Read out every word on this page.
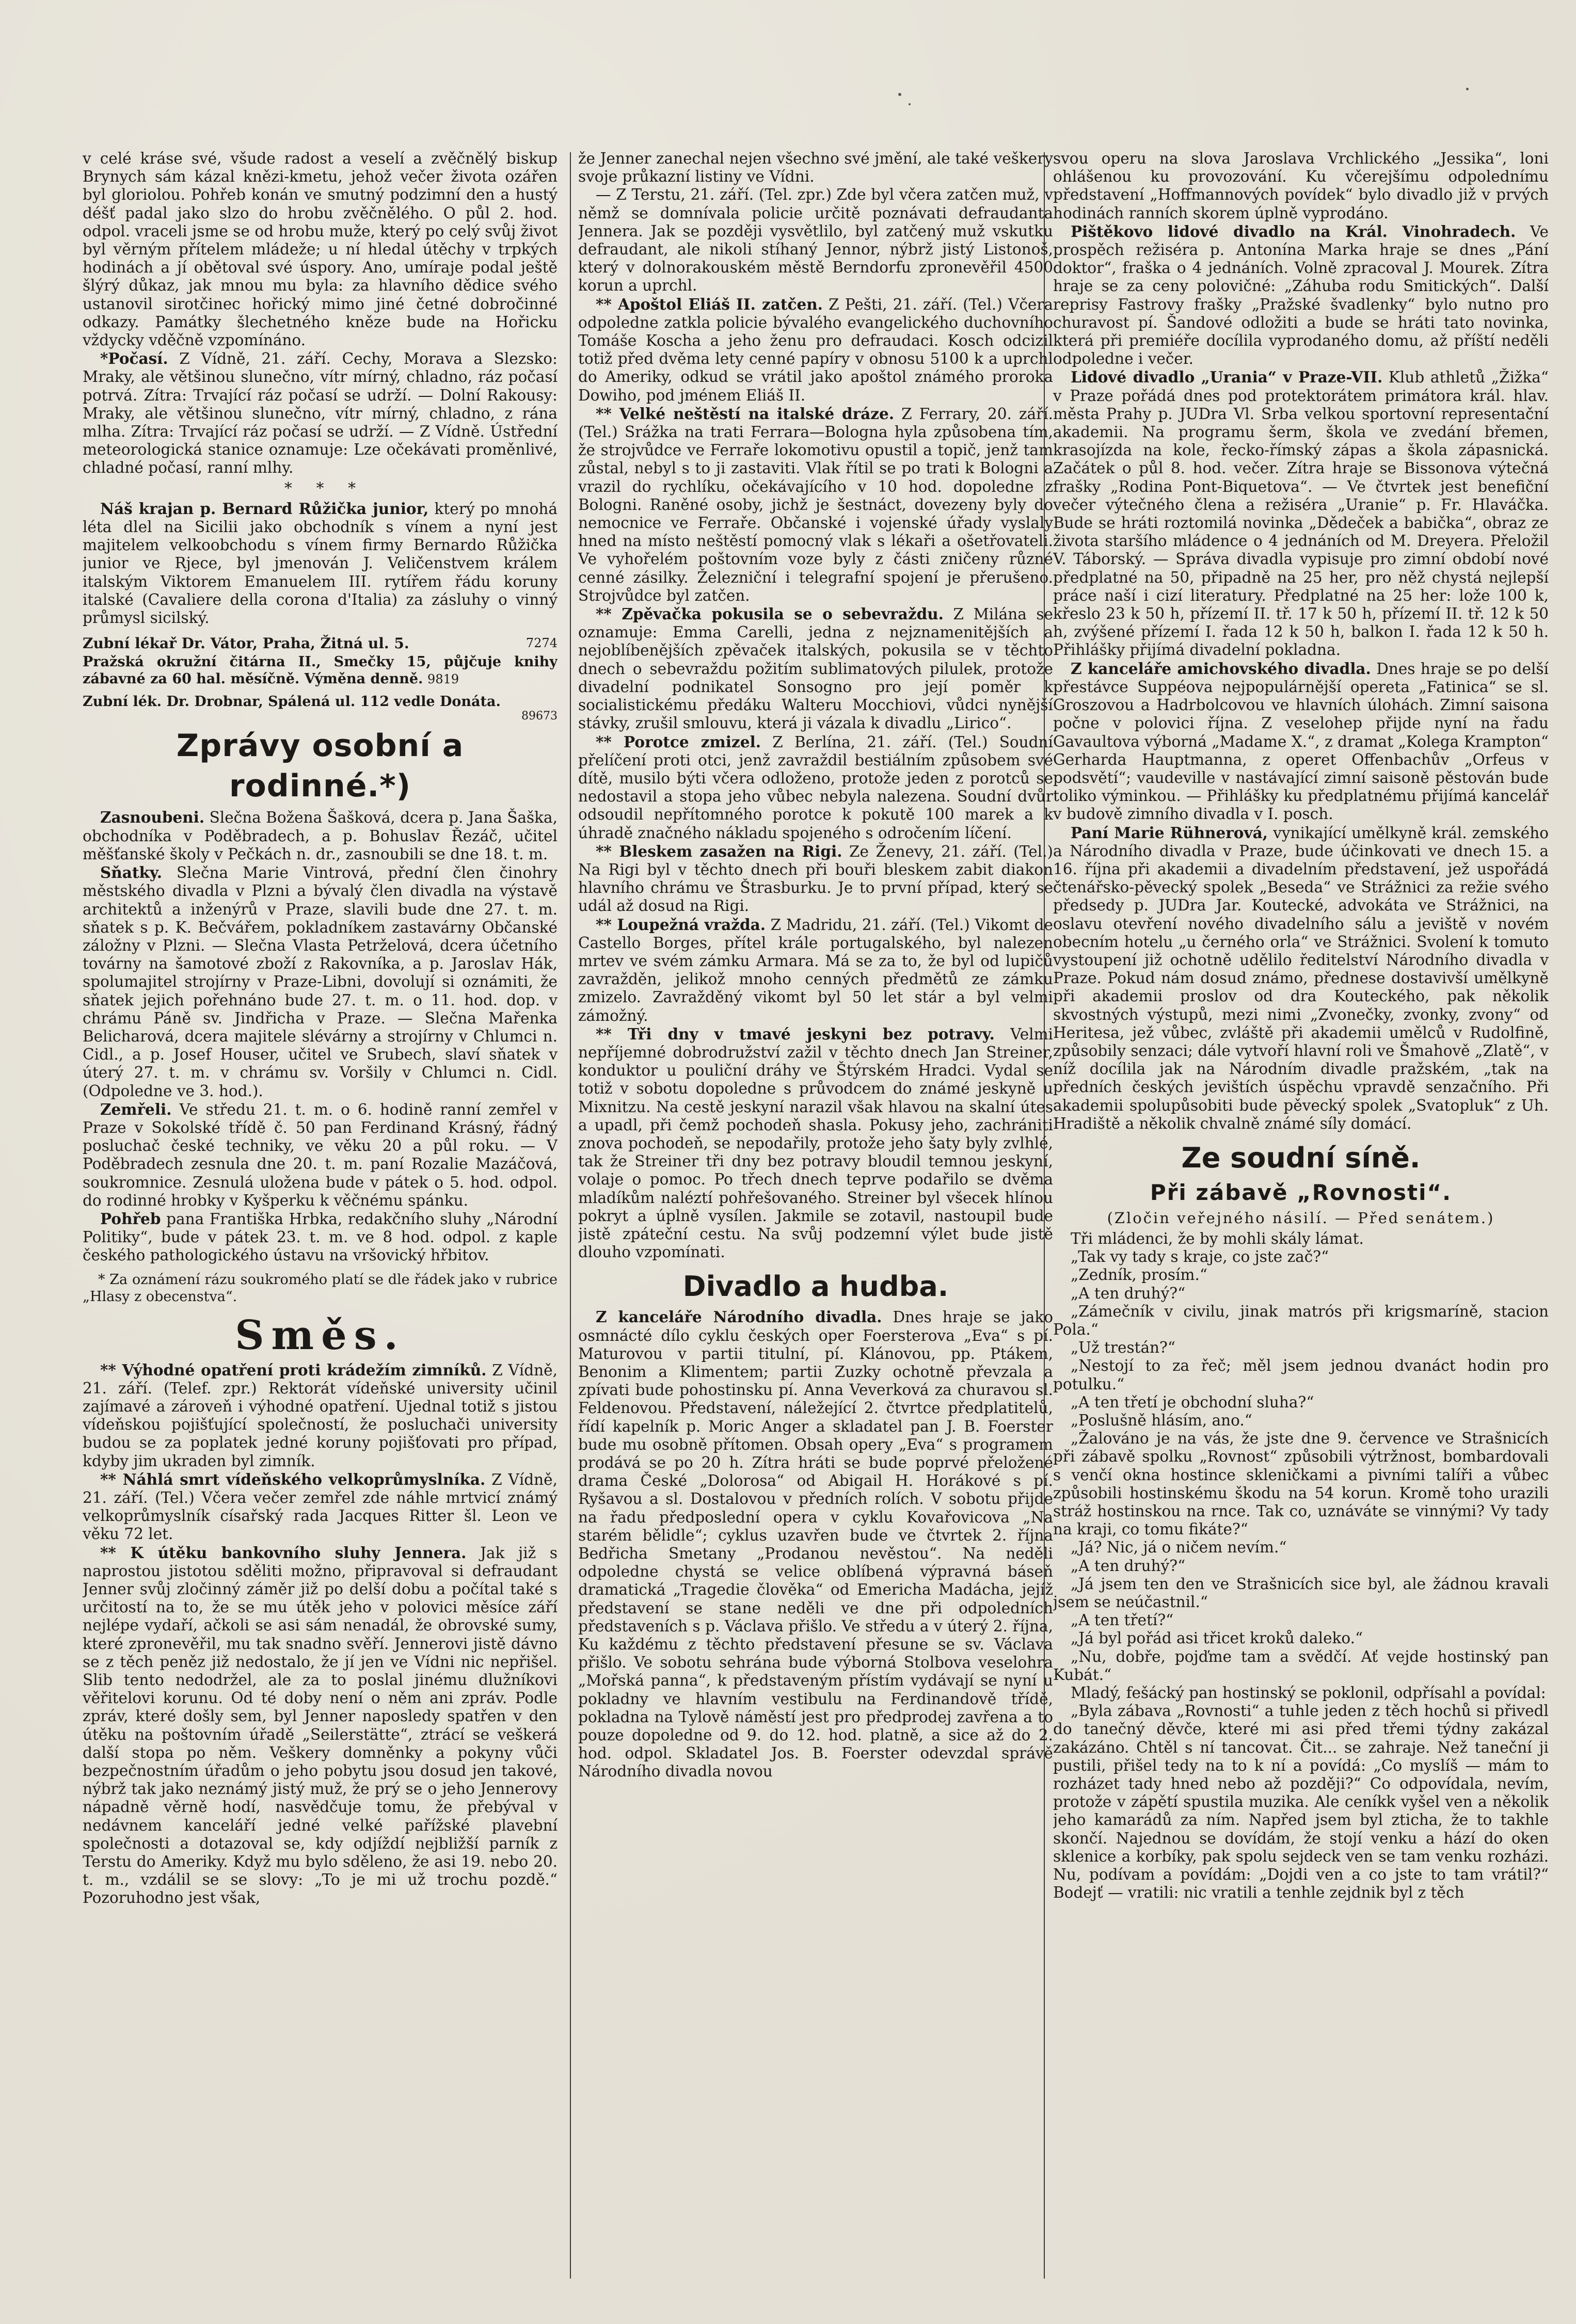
v celé kráse své, všude radost a veselí a zvěčnělý biskup Brynych sám kázal knězi-kmetu, jehož večer života ozářen byl gloriolou. Pohřeb konán ve smutný podzimní den a hustý déšť padal jako slzo do hrobu zvěčnělého. O půl 2. hod. odpol. vraceli jsme se od hrobu muže, který po celý svůj život byl věrným přítelem mládeže; u ní hledal útěchy v trpkých hodinách a jí obětoval své úspory. Ano, umíraje podal ještě šlýrý důkaz, jak mnou mu byla: za hlavního dědice svého ustanovil sirotčinec hořický mimo jiné četné dobročinné odkazy. Památky šlechetného kněze bude na Hořicku vždycky vděčně vzpomínáno.

*Počasí. Z Vídně, 21. září. Cechy, Morava a Slezsko: Mraky, ale většinou slunečno, vítr mírný, chladno, ráz počasí potrvá. Zítra: Trvající ráz počasí se udrží. — Dolní Rakousy: Mraky, ale většinou slunečno, vítr mírný, chladno, z rána mlha. Zítra: Trvající ráz počasí se udrží. — Z Vídně. Ústřední meteorologická stanice oznamuje: Lze očekávati proměnlivé, chladné počasí, ranní mlhy.

*     *     *

Náš krajan p. Bernard Růžička junior, který po mnohá léta dlel na Sicilii jako obchodník s vínem a nyní jest majitelem velkoobchodu s vínem firmy Bernardo Růžička junior ve Rjece, byl jmenován J. Veličenstvem králem italským Viktorem Emanuelem III. rytířem řádu koruny italské (Cavaliere della corona d'Italia) za zásluhy o vinný průmysl sicilský.

Zubní lékař Dr. Vátor, Praha, Žitná ul. 5.	7274
Pražská okružní čitárna II., Smečky 15, půjčuje knihy zábavné za 60 hal. měsíčně. Výměna denně. 9819
Zubní lék. Dr. Drobnar, Spálená ul. 112 vedle Donáta.
89673
Zprávy osobní a rodinné.*)

Zasnoubeni. Slečna Božena Šašková, dcera p. Jana Šaška, obchodníka v Poděbradech, a p. Bohuslav Řezáč, učitel měšťanské školy v Pečkách n. dr., zasnoubili se dne 18. t. m.

Sňatky. Slečna Marie Vintrová, přední člen činohry městského divadla v Plzni a bývalý člen divadla na výstavě architektů a inženýrů v Praze, slavili bude dne 27. t. m. sňatek s p. K. Bečvářem, pokladníkem zastavárny Občanské záložny v Plzni. — Slečna Vlasta Petrželová, dcera účetního továrny na šamotové zboží z Rakovníka, a p. Jaroslav Hák, spolumajitel strojírny v Praze-Libni, dovolují si oznámiti, že sňatek jejich pořehnáno bude 27. t. m. o 11. hod. dop. v chrámu Páně sv. Jindřicha v Praze. — Slečna Mařenka Belicharová, dcera majitele slévárny a strojírny v Chlumci n. Cidl., a p. Josef Houser, učitel ve Srubech, slaví sňatek v úterý 27. t. m. v chrámu sv. Voršily v Chlumci n. Cidl. (Odpoledne ve 3. hod.).

Zemřeli. Ve středu 21. t. m. o 6. hodině ranní zemřel v Praze v Sokolské třídě č. 50 pan Ferdinand Krásný, řádný posluchač české techniky, ve věku 20 a půl roku. — V Poděbradech zesnula dne 20. t. m. paní Rozalie Mazáčová, soukromnice. Zesnulá uložena bude v pátek o 5. hod. odpol. do rodinné hrobky v Kyšperku k věčnému spánku.

Pohřeb pana Františka Hrbka, redakčního sluhy „Národní Politiky“, bude v pátek 23. t. m. ve 8 hod. odpol. z kaple českého pathologického ústavu na vršovický hřbitov.

* Za oznámení rázu soukromého platí se dle řádek jako v rubrice „Hlasy z obecenstva“.
Směs.

** Výhodné opatření proti krádežím zimníků. Z Vídně, 21. září. (Telef. zpr.) Rektorát vídeňské university učinil zajímavé a zároveň i výhodné opatření. Ujednal totiž s jistou vídeňskou pojišťující společností, že posluchači university budou se za poplatek jedné koruny pojišťovati pro případ, kdyby jim ukraden byl zimník.

** Náhlá smrt vídeňského velkoprůmyslníka. Z Vídně, 21. září. (Tel.) Včera večer zemřel zde náhle mrtvicí známý velkoprůmyslník císařský rada Jacques Ritter šl. Leon ve věku 72 let.

** K útěku bankovního sluhy Jennera. Jak již s naprostou jistotou sděliti možno, připravoval si defraudant Jenner svůj zločinný záměr již po delší dobu a počítal také s určitostí na to, že se mu útěk jeho v polovici měsíce září nejlépe vydaří, ačkoli se asi sám nenadál, že obrovské sumy, které zpronevěřil, mu tak snadno svěří. Jennerovi jistě dávno se z těch peněz již nedostalo, že jí jen ve Vídni nic nepřišel. Slib tento nedodržel, ale za to poslal jinému dlužníkovi věřitelovi korunu. Od té doby není o něm ani zpráv. Podle zpráv, které došly sem, byl Jenner naposledy spatřen v den útěku na poštovním úřadě „Seilerstätte“, ztrácí se veškerá další stopa po něm. Veškery domněnky a pokyny vůči bezpečnostním úřadům o jeho pobytu jsou dosud jen takové, nýbrž tak jako neznámý jistý muž, že prý se o jeho Jennerovy nápadně věrně hodí, nasvědčuje tomu, že přebýval v nedávnem kanceláří jedné velké pařížské plavební společnosti a dotazoval se, kdy odjíždí nejbližší parník z Terstu do Ameriky. Když mu bylo sděleno, že asi 19. nebo 20. t. m., vzdálil se se slovy: „To je mi už trochu pozdě.“ Pozoruhodno jest však,

že Jenner zanechal nejen všechno své jmění, ale také veškery svoje průkazní listiny ve Vídni.

— Z Terstu, 21. září. (Tel. zpr.) Zde byl včera zatčen muž, v němž se domnívala policie určitě poznávati defraudanta Jennera. Jak se později vysvětlilo, byl zatčený muž vskutku defraudant, ale nikoli stíhaný Jennor, nýbrž jistý Listonoš, který v dolnorakouském městě Berndorfu zpronevěřil 4500 korun a uprchl.

** Apoštol Eliáš II. zatčen. Z Pešti, 21. září. (Tel.) Včera odpoledne zatkla policie bývalého evangelického duchovního Tomáše Koscha a jeho ženu pro defraudaci. Kosch odcizil totiž před dvěma lety cenné papíry v obnosu 5100 k a uprchl do Ameriky, odkud se vrátil jako apoštol známého proroka Dowiho, pod jménem Eliáš II.

** Velké neštěstí na italské dráze. Z Ferrary, 20. září. (Tel.) Srážka na trati Ferrara—Bologna hyla způsobena tím, že strojvůdce ve Ferraře lokomotivu opustil a topič, jenž tam zůstal, nebyl s to ji zastaviti. Vlak řítil se po trati k Bologni a vrazil do rychlíku, očekávajícího v 10 hod. dopoledne z Bologni. Raněné osoby, jichž je šestnáct, dovezeny byly do nemocnice ve Ferraře. Občanské i vojenské úřady vyslaly hned na místo neštěstí pomocný vlak s lékaři a ošetřovateli. Ve vyhořelém poštovním voze byly z části zničeny různé cenné zásilky. Železniční i telegrafní spojení je přerušeno. Strojvůdce byl zatčen.

** Zpěvačka pokusila se o sebevraždu. Z Milána se oznamuje: Emma Carelli, jedna z nejznamenitějších a nejoblíbenějších zpěvaček italských, pokusila se v těchto dnech o sebevraždu požitím sublimatových pilulek, protože divadelní podnikatel Sonsogno pro její poměr k socialistickému předáku Walteru Mocchiovi, vůdci nynější stávky, zrušil smlouvu, která ji vázala k divadlu „Lirico“.

** Porotce zmizel. Z Berlína, 21. září. (Tel.) Soudní přelíčení proti otci, jenž zavraždil bestiálním způsobem své dítě, musilo býti včera odloženo, protože jeden z porotců se nedostavil a stopa jeho vůbec nebyla nalezena. Soudní dvůr odsoudil nepřítomného porotce k pokutě 100 marek a k úhradě značného nákladu spojeného s odročením líčení.

** Bleskem zasažen na Rigi. Ze Ženevy, 21. září. (Tel.) Na Rigi byl v těchto dnech při bouři bleskem zabit diakon hlavního chrámu ve Štrasburku. Je to první případ, který se udál až dosud na Rigi.

** Loupežná vražda. Z Madridu, 21. září. (Tel.) Vikomt de Castello Borges, přítel krále portugalského, byl nalezen mrtev ve svém zámku Armara. Má se za to, že byl od lupičů zavražděn, jelikož mnoho cenných předmětů ze zámku zmizelo. Zavražděný vikomt byl 50 let stár a byl velmi zámožný.

** Tři dny v tmavé jeskyni bez potravy. Velmi nepříjemné dobrodružství zažil v těchto dnech Jan Streiner, konduktor u pouliční dráhy ve Štýrském Hradci. Vydal se totiž v sobotu dopoledne s průvodcem do známé jeskyně u Mixnitzu. Na cestě jeskyní narazil však hlavou na skalní útes a upadl, při čemž pochodeň shasla. Pokusy jeho, zachrániti znova pochodeň, se nepodařily, protože jeho šaty byly zvlhlé, tak že Streiner tři dny bez potravy bloudil temnou jeskyní, volaje o pomoc. Po třech dnech teprve podařilo se dvěma mladíkům naléztí pohřešovaného. Streiner byl všecek hlínou pokryt a úplně vysílen. Jakmile se zotavil, nastoupil bude jistě zpáteční cestu. Na svůj podzemní výlet bude jistě dlouho vzpomínati.

Divadlo a hudba.

Z kanceláře Národního divadla. Dnes hraje se jako osmnácté dílo cyklu českých oper Foersterova „Eva“ s pí. Maturovou v partii titulní, pí. Klánovou, pp. Ptákem, Benonim a Klimentem; partii Zuzky ochotně převzala a zpívati bude pohostinsku pí. Anna Veverková za churavou sl. Feldenovou. Představení, náležející 2. čtvrtce předplatitelů, řídí kapelník p. Moric Anger a skladatel pan J. B. Foerster bude mu osobně přítomen. Obsah opery „Eva“ s programem prodává se po 20 h. Zítra hráti se bude poprvé přeložené drama České „Dolorosa“ od Abigail H. Horákové s pí. Ryšavou a sl. Dostalovou v předních rolích. V sobotu přijde na řadu předposlední opera v cyklu Kovařovicova „Na starém bělidle“; cyklus uzavřen bude ve čtvrtek 2. října Bedřicha Smetany „Prodanou nevěstou“. Na neděli odpoledne chystá se velice oblíbená výpravná báseň dramatická „Tragedie člověka“ od Emericha Madácha, jejíž představení se stane neděli ve dne při odpoledních představeních s p. Václava přišlo. Ve středu a v úterý 2. října, Ku každému z těchto představení přesune se sv. Václava přišlo. Ve sobotu sehrána bude výborná Stolbova veselohra „Mořská panna“, k představeným přístím vydávají se nyní u pokladny ve hlavním vestibulu na Ferdinandově třídě, pokladna na Tylově náměstí jest pro předprodej zavřena a to pouze dopoledne od 9. do 12. hod. platně, a sice až do 2. hod. odpol. Skladatel Jos. B. Foerster odevzdal správě Národního divadla novou

svou operu na slova Jaroslava Vrchlického „Jessika“, loni ohlášenou ku provozování. Ku včerejšímu odpolednímu představení „Hoffmannových povídek“ bylo divadlo již v prvých hodinách ranních skorem úplně vyprodáno.

Pištěkovo lidové divadlo na Král. Vinohradech. Ve prospěch režiséra p. Antonína Marka hraje se dnes „Pání doktor“, fraška o 4 jednáních. Volně zpracoval J. Mourek. Zítra hraje se za ceny polovičné: „Záhuba rodu Smitických“. Další reprisy Fastrovy frašky „Pražské švadlenky“ bylo nutno pro churavost pí. Šandové odložiti a bude se hráti tato novinka, která při premiéře docílila vyprodaného domu, až příští neděli odpoledne i večer.

Lidové divadlo „Urania“ v Praze-VII. Klub athletů „Žižka“ v Praze pořádá dnes pod protektorátem primátora král. hlav. města Prahy p. JUDra Vl. Srba velkou sportovní representační akademii. Na programu šerm, škola ve zvedání břemen, krasojízda na kole, řecko-římský zápas a škola zápasnická. Začátek o půl 8. hod. večer. Zítra hraje se Bissonova výtečná frašky „Rodina Pont-Biquetova“. — Ve čtvrtek jest benefiční večer výtečného člena a režiséra „Uranie“ p. Fr. Hlaváčka. Bude se hráti roztomilá novinka „Dědeček a babička“, obraz ze života staršího mládence o 4 jednáních od M. Dreyera. Přeložil V. Táborský. — Správa divadla vypisuje pro zimní období nové předplatné na 50, připadně na 25 her, pro něž chystá nejlepší práce naší i cizí literatury. Předplatné na 25 her: lože 100 k, křeslo 23 k 50 h, přízemí II. tř. 17 k 50 h, přízemí II. tř. 12 k 50 h, zvýšené přízemí I. řada 12 k 50 h, balkon I. řada 12 k 50 h. Přihlášky přijímá divadelní pokladna.

Z kanceláře amichovského divadla. Dnes hraje se po delší přestávce Suppéova nejpopulárnější opereta „Fatinica“ se sl. Groszovou a Hadrbolcovou ve hlavních úlohách. Zimní saisona počne v polovici října. Z veselohер přijde nyní na řadu Gavaultova výborná „Madame X.“, z dramat „Kolega Krampton“ Gerharda Hauptmanna, z operet Offenbachův „Orfeus v podsvětí“; vaudeville v nastávající zimní saisoně pěstován bude toliko výminkou. — Přihlášky ku předplatnému přijímá kancelář v budově zimního divadla v I. posch.

Paní Marie Rühnerová, vynikající umělkyně král. zemského a Národního divadla v Praze, bude účinkovati ve dnech 15. a 16. října při akademii a divadelním představení, jež uspořádá čtenářsko-pěvecký spolek „Beseda“ ve Strážnici za režie svého předsedy p. JUDra Jar. Koutecké, advokáta ve Strážnici, na oslavu otevření nového divadelního sálu a jeviště v novém obecním hotelu „u černého orla“ ve Strážnici. Svolení k tomuto vystoupení již ochotně udělilo ředitelství Národního divadla v Praze. Pokud nám dosud známo, přednese dostavivší umělkyně při akademii proslov od dra Kouteckého, pak několik skvostných výstupů, mezi nimi „Zvonečky, zvonky, zvony“ od Heritesa, jež vůbec, zvláště při akademii umělců v Rudolfině, způsobily senzaci; dále vytvoří hlavní roli ve Šmahově „Zlatě“, v níž docílila jak na Národním divadle pražském, „tak na předních českých jevištích úspěchu vpravdě senzačního. Při akademii spolupůsobiti bude pěvecký spolek „Svatopluk“ z Uh. Hradiště a několik chvalně známé síly domácí.

Ze soudní síně.
Při zábavě „Rovnosti“.
(Zločin veřejného násilí. — Před senátem.)

Tři mládenci, že by mohli skály lámat.

„Tak vy tady s kraje, co jste zač?“

„Zedník, prosím.“

„A ten druhý?“

„Zámečník v civilu, jinak matrós při krigsmaríně, stacion Pola.“

„Už trestán?“

„Nestojí to za řeč; měl jsem jednou dvanáct hodin pro potulku.“

„A ten třetí je obchodní sluha?“

„Poslušně hlásím, ano.“

„Žalováno je na vás, že jste dne 9. července ve Strašnicích při zábavě spolku „Rovnost“ způsobili výtržnost, bombardovali s venčí okna hostince skleničkami a pivními talíři a vůbec způsobili hostinskému škodu na 54 korun. Kromě toho urazili stráž hostinskou na rnce. Tak co, uznáváte se vinnými? Vy tady na kraji, co tomu fikáte?“

„Já? Nic, já o ničem nevím.“

„A ten druhý?“

„Já jsem ten den ve Strašnicích sice byl, ale žádnou kravali jsem se neúčastnil.“

„A ten třetí?“

„Já byl pořád asi třicet kroků daleko.“

„Nu, dobře, pojďme tam a svědčí. Ať vejde hostinský pan Kubát.“

Mladý, fešácký pan hostinský se poklonil, odpřísahl a povídal:

„Byla zábava „Rovnosti“ a tuhle jeden z těch hochů si přivedl do tanečný děvče, které mi asi před třemi týdny zakázal zakázáno. Chtěl s ní tancovat. Čit... se zahraje. Než taneční ji pustili, přišel tedy na to k ní a povídá: „Co myslíš — mám to rozházet tady hned nebo až později?“ Co odpovídala, nevím, protože v zápětí spustila muzika. Ale ceníkk vyšel ven a několik jeho kamarádů za ním. Napřed jsem byl zticha, že to takhle skončí. Najednou se dovídám, že stojí venku a hází do oken sklenice a korbíky, pak spolu sejdeck ven se tam venku rozházi. Nu, podívam a povídám: „Dojdi ven a co jste to tam vrátil?“ Bodejť — vratili: nic vratili a tenhle zejdnik byl z těch
